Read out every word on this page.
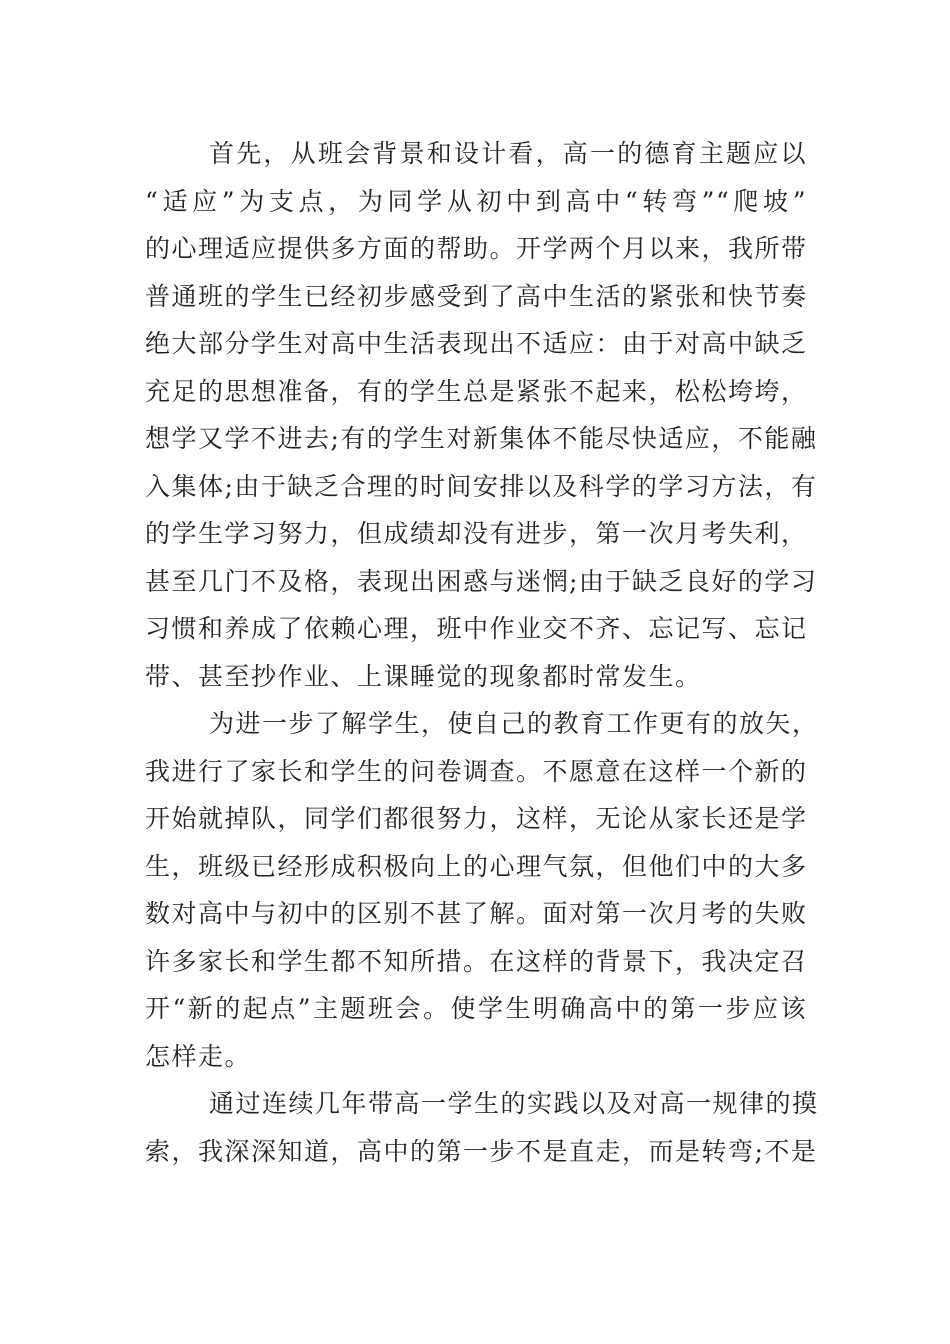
首先，从班会背景和设计看，高一的德育主题应以
“适应”为支点，为同学从初中到高中“转弯”“爬坡”
的心理适应提供多方面的帮助。开学两个月以来，我所带
普通班的学生已经初步感受到了高中生活的紧张和快节奏
绝大部分学生对高中生活表现出不适应：由于对高中缺乏
充足的思想准备，有的学生总是紧张不起来，松松垮垮，
想学又学不进去;有的学生对新集体不能尽快适应，不能融
入集体;由于缺乏合理的时间安排以及科学的学习方法，有
的学生学习努力，但成绩却没有进步，第一次月考失利，
甚至几门不及格，表现出困惑与迷惘;由于缺乏良好的学习
习惯和养成了依赖心理，班中作业交不齐、忘记写、忘记
带、甚至抄作业、上课睡觉的现象都时常发生。
为进一步了解学生，使自己的教育工作更有的放矢，
我进行了家长和学生的问卷调查。不愿意在这样一个新的
开始就掉队，同学们都很努力，这样，无论从家长还是学
生，班级已经形成积极向上的心理气氛，但他们中的大多
数对高中与初中的区别不甚了解。面对第一次月考的失败
许多家长和学生都不知所措。在这样的背景下，我决定召
开“新的起点”主题班会。使学生明确高中的第一步应该
怎样走。
通过连续几年带高一学生的实践以及对高一规律的摸
索，我深深知道，高中的第一步不是直走，而是转弯;不是
